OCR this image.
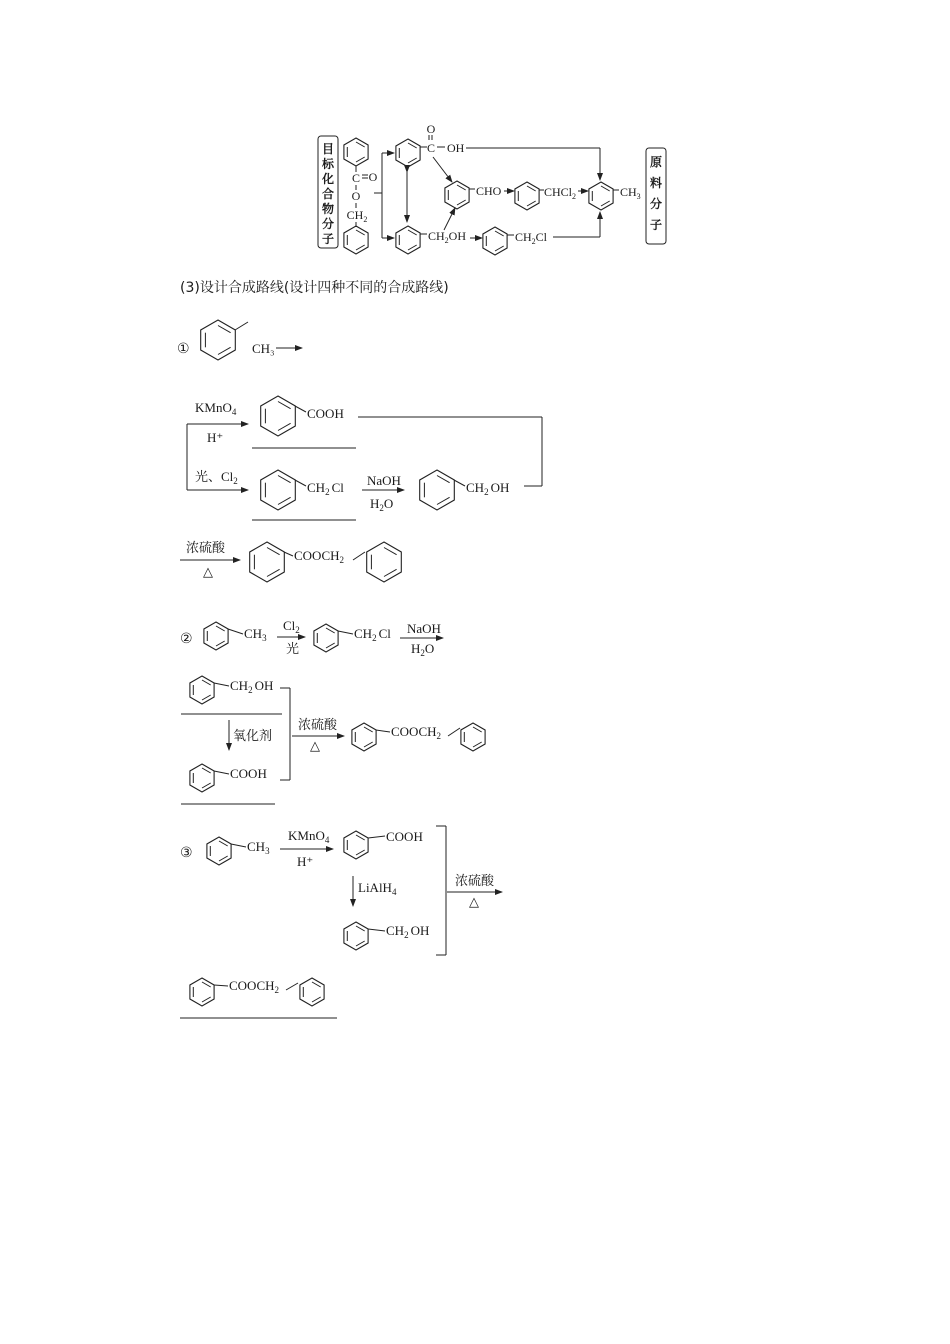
目
标
化
合
物
分
子
C O
O
$CH_2$
C
O
OH
$CH_2OH$
CHO	CHCl$_2$	$CH_3$
$CH_2Cl$
原
料
分
子
(3)设计合成路线(设计四种不同的合成路线)
①	CH₃
KMnO$_4$
H⁺
COOH
光、$Cl_2$	$CH_2$ Cl NaOH
$H_2O$
$CH_2$ OH
浓硫酸
△
$COOCH_2$
②	$CH_3$
$Cl_2$
光
$CH_2$ Cl NaOH
$H_2O$
$CH_2$ OH
氧化剂
COOH
浓硫酸
△
$COOCH_2$
③	$CH_3$
KMnO$_4$
H⁺
COOH
LiAlH$_4$
$CH_2$ OH
浓硫酸
△
$COOCH_2$
